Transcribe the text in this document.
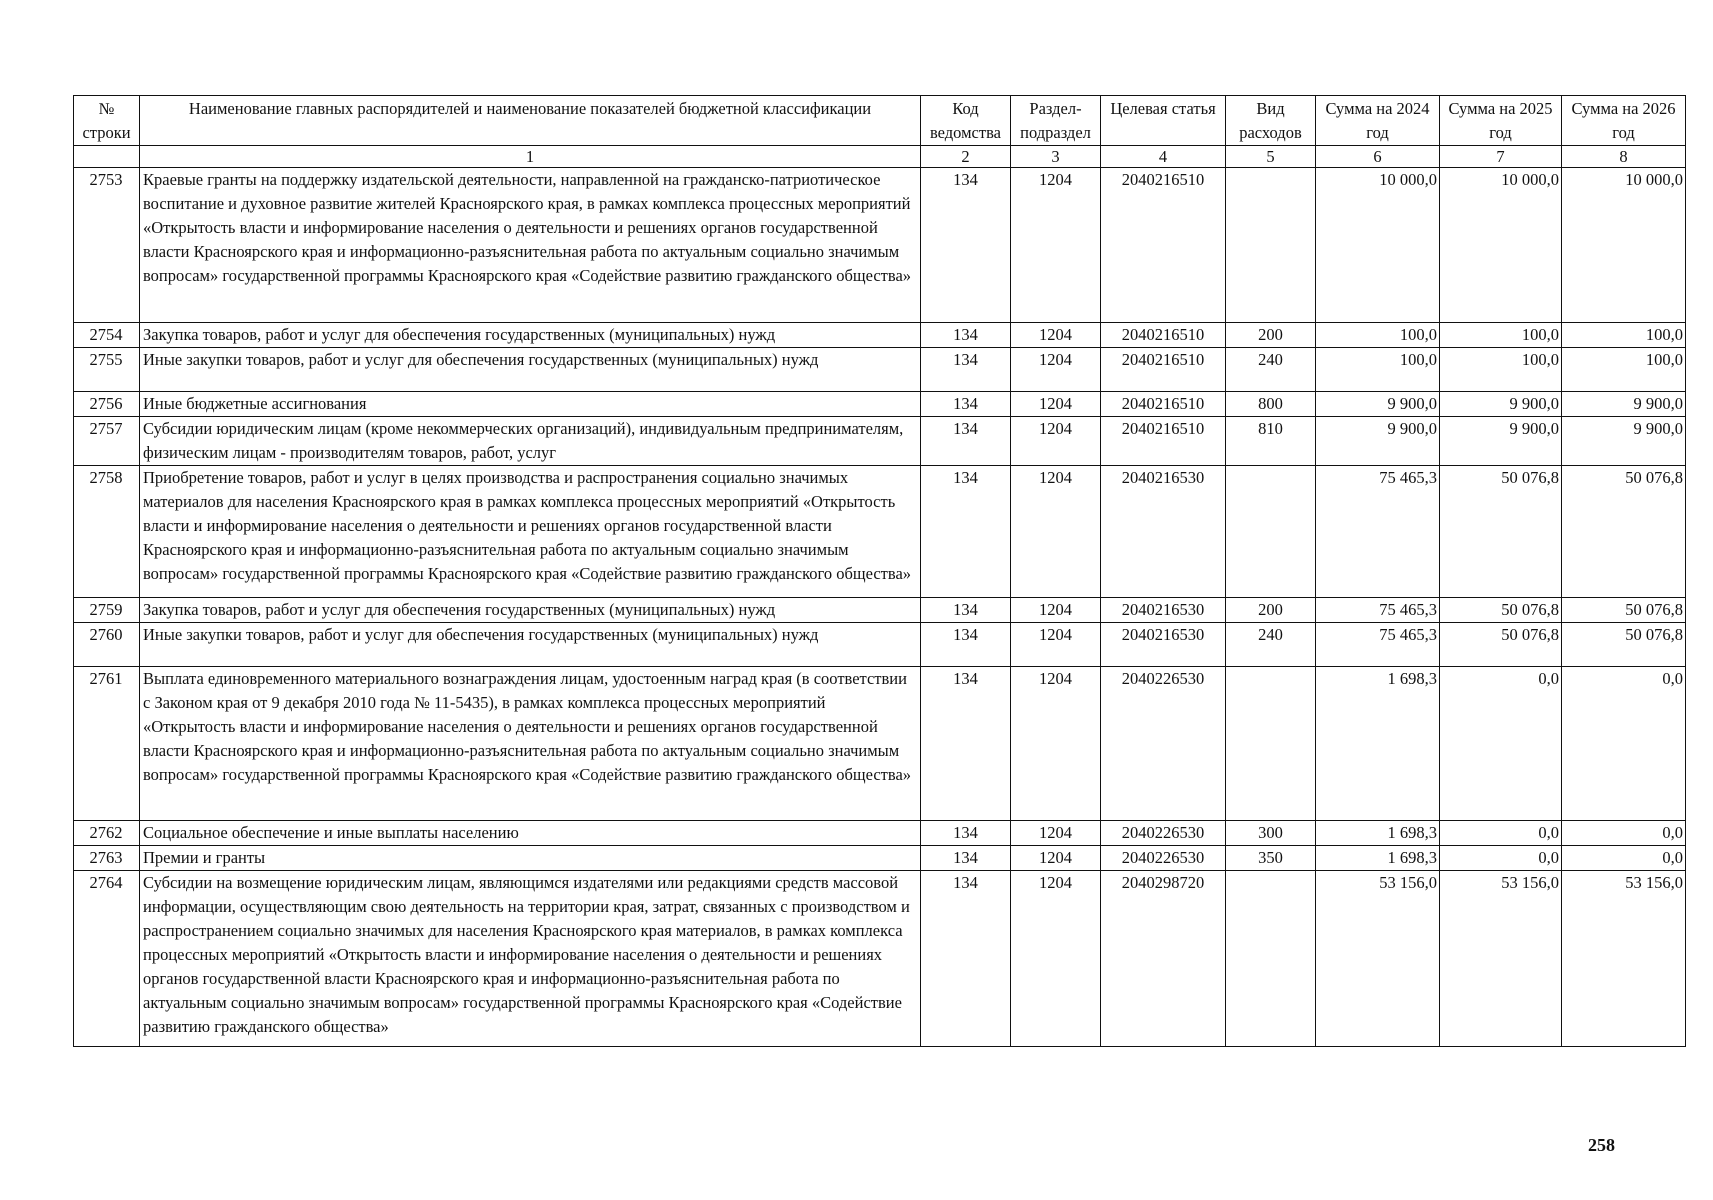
№ строки	Наименование главных распорядителей и наименование показателей бюджетной классификации	Код ведомства	Раздел-подраздел	Целевая статья	Вид расходов	Сумма на 2024 год	Сумма на 2025 год	Сумма на 2026 год
	1	2	3	4	5	6	7	8
2753	Краевые гранты на поддержку издательской деятельности, направленной на гражданско-патриотическое воспитание и духовное развитие жителей Красноярского края, в рамках комплекса процессных мероприятий «Открытость власти и информирование населения о деятельности и решениях органов государственной власти Красноярского края и информационно-разъяснительная работа по актуальным социально значимым вопросам» государственной программы Красноярского края «Содействие развитию гражданского общества»	134	1204	2040216510		10 000,0	10 000,0	10 000,0
2754	Закупка товаров, работ и услуг для обеспечения государственных (муниципальных) нужд	134	1204	2040216510	200	100,0	100,0	100,0
2755	Иные закупки товаров, работ и услуг для обеспечения государственных (муниципальных) нужд	134	1204	2040216510	240	100,0	100,0	100,0
2756	Иные бюджетные ассигнования	134	1204	2040216510	800	9 900,0	9 900,0	9 900,0
2757	Субсидии юридическим лицам (кроме некоммерческих организаций), индивидуальным предпринимателям, физическим лицам - производителям товаров, работ, услуг	134	1204	2040216510	810	9 900,0	9 900,0	9 900,0
2758	Приобретение товаров, работ и услуг в целях производства и распространения социально значимых материалов для населения Красноярского края в рамках комплекса процессных мероприятий «Открытость власти и информирование населения о деятельности и решениях органов государственной власти Красноярского края и информационно-разъяснительная работа по актуальным социально значимым вопросам» государственной программы Красноярского края «Содействие развитию гражданского общества»	134	1204	2040216530		75 465,3	50 076,8	50 076,8
2759	Закупка товаров, работ и услуг для обеспечения государственных (муниципальных) нужд	134	1204	2040216530	200	75 465,3	50 076,8	50 076,8
2760	Иные закупки товаров, работ и услуг для обеспечения государственных (муниципальных) нужд	134	1204	2040216530	240	75 465,3	50 076,8	50 076,8
2761	Выплата единовременного материального вознаграждения лицам, удостоенным наград края (в соответствии с Законом края от 9 декабря 2010 года № 11-5435), в рамках комплекса процессных мероприятий «Открытость власти и информирование населения о деятельности и решениях органов государственной власти Красноярского края и информационно-разъяснительная работа по актуальным социально значимым вопросам» государственной программы Красноярского края «Содействие развитию гражданского общества»	134	1204	2040226530		1 698,3	0,0	0,0
2762	Социальное обеспечение и иные выплаты населению	134	1204	2040226530	300	1 698,3	0,0	0,0
2763	Премии и гранты	134	1204	2040226530	350	1 698,3	0,0	0,0
2764	Субсидии на возмещение юридическим лицам, являющимся издателями или редакциями средств массовой информации, осуществляющим свою деятельность на территории края, затрат, связанных с производством и распространением социально значимых для населения Красноярского края материалов, в рамках комплекса процессных мероприятий «Открытость власти и информирование населения о деятельности и решениях органов государственной власти Красноярского края и информационно-разъяснительная работа по актуальным социально значимым вопросам» государственной программы Красноярского края «Содействие развитию гражданского общества»	134	1204	2040298720		53 156,0	53 156,0	53 156,0
258
